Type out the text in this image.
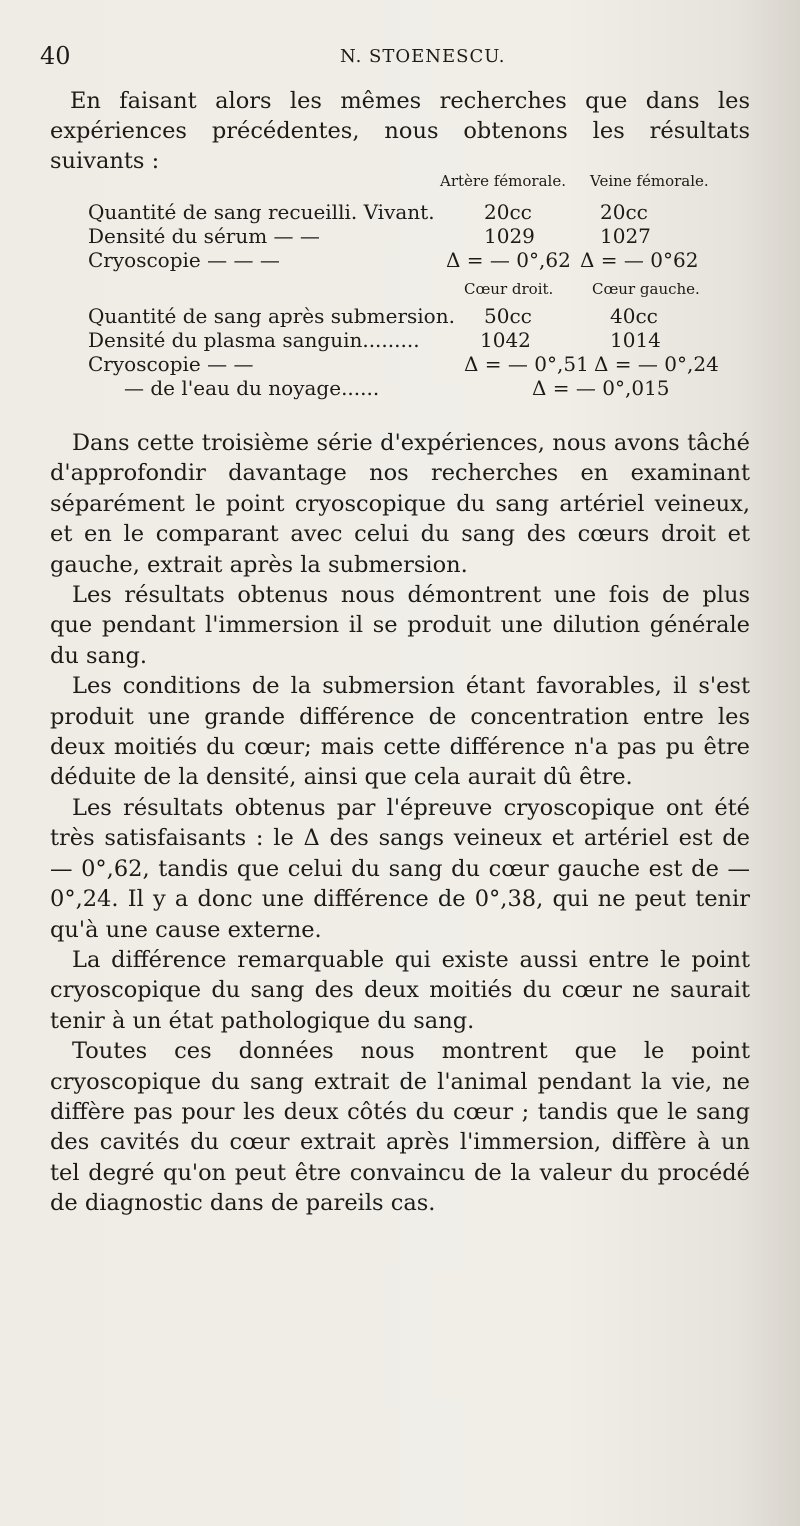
40	N. STOENESCU.

En faisant alors les mêmes recherches que dans les expériences précédentes, nous obtenons les résultats suivants :

Artère fémorale. Veine fémorale.
Quantité de sang recueilli. Vivant. 20cc	20cc
Densité du sérum — —	1029	1027
Cryoscopie — — —	Δ = — 0°,62 Δ = — 0°62
Cœur droit.	Cœur gauche.
Quantité de sang après submersion. 50cc	40cc
Densité du plasma sanguin.........	1042	1014
Cryoscopie — —	Δ = — 0°,51 Δ = — 0°,24
— de l'eau du noyage......	Δ = — 0°,015

Dans cette troisième série d'expériences, nous avons tâché d'approfondir davantage nos recherches en examinant séparément le point cryoscopique du sang artériel veineux, et en le comparant avec celui du sang des cœurs droit et gauche, extrait après la submersion.

Les résultats obtenus nous démontrent une fois de plus que pendant l'immersion il se produit une dilution générale du sang.

Les conditions de la submersion étant favorables, il s'est produit une grande différence de concentration entre les deux moitiés du cœur; mais cette différence n'a pas pu être déduite de la densité, ainsi que cela aurait dû être.

Les résultats obtenus par l'épreuve cryoscopique ont été très satisfaisants : le Δ des sangs veineux et artériel est de — 0°,62, tandis que celui du sang du cœur gauche est de — 0°,24. Il y a donc une différence de 0°,38, qui ne peut tenir qu'à une cause externe.

La différence remarquable qui existe aussi entre le point cryoscopique du sang des deux moitiés du cœur ne saurait tenir à un état pathologique du sang.

Toutes ces données nous montrent que le point cryoscopique du sang extrait de l'animal pendant la vie, ne diffère pas pour les deux côtés du cœur ; tandis que le sang des cavités du cœur extrait après l'immersion, diffère à un tel degré qu'on peut être convaincu de la valeur du procédé de diagnostic dans de pareils cas.
